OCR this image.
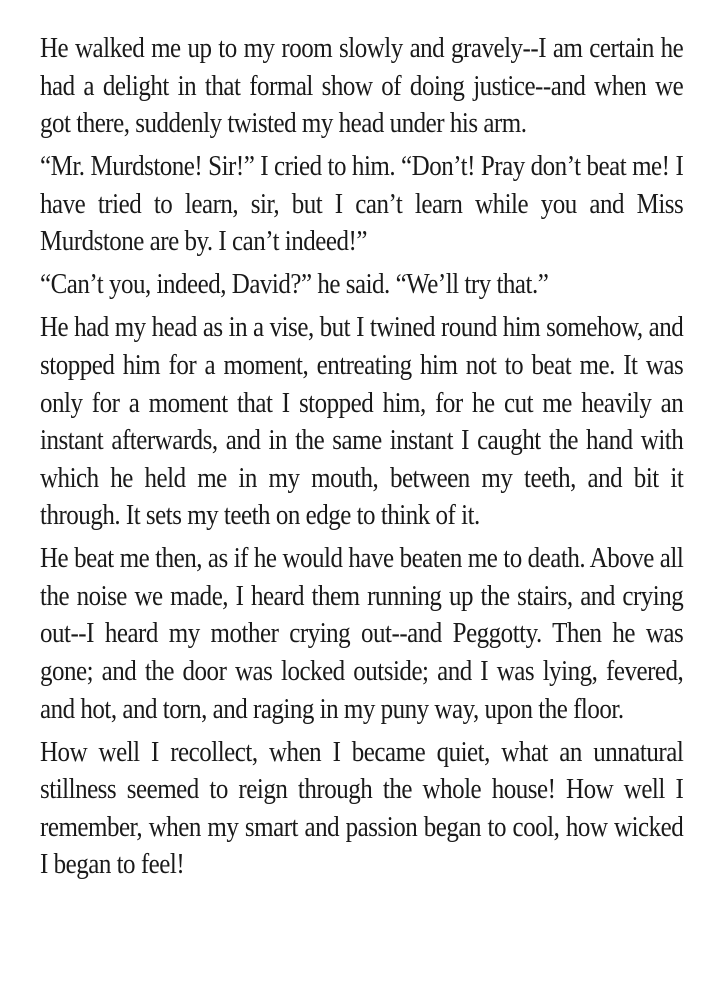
He walked me up to my room slowly and gravely--I am certain he had a delight in that formal show of doing justice--and when we got there, suddenly twisted my head under his arm.

“Mr. Murdstone! Sir!” I cried to him. “Don’t! Pray don’t beat me! I have tried to learn, sir, but I can’t learn while you and Miss Murdstone are by. I can’t indeed!”

“Can’t you, indeed, David?” he said. “We’ll try that.”

He had my head as in a vise, but I twined round him somehow, and stopped him for a moment, entreating him not to beat me. It was only for a moment that I stopped him, for he cut me heavily an instant afterwards, and in the same instant I caught the hand with which he held me in my mouth, between my teeth, and bit it through. It sets my teeth on edge to think of it.

He beat me then, as if he would have beaten me to death. Above all the noise we made, I heard them running up the stairs, and crying out--I heard my mother crying out--and Peggotty. Then he was gone; and the door was locked outside; and I was lying, fevered, and hot, and torn, and raging in my puny way, upon the floor.

How well I recollect, when I became quiet, what an unnatural stillness seemed to reign through the whole house! How well I remember, when my smart and passion began to cool, how wicked I began to feel!
